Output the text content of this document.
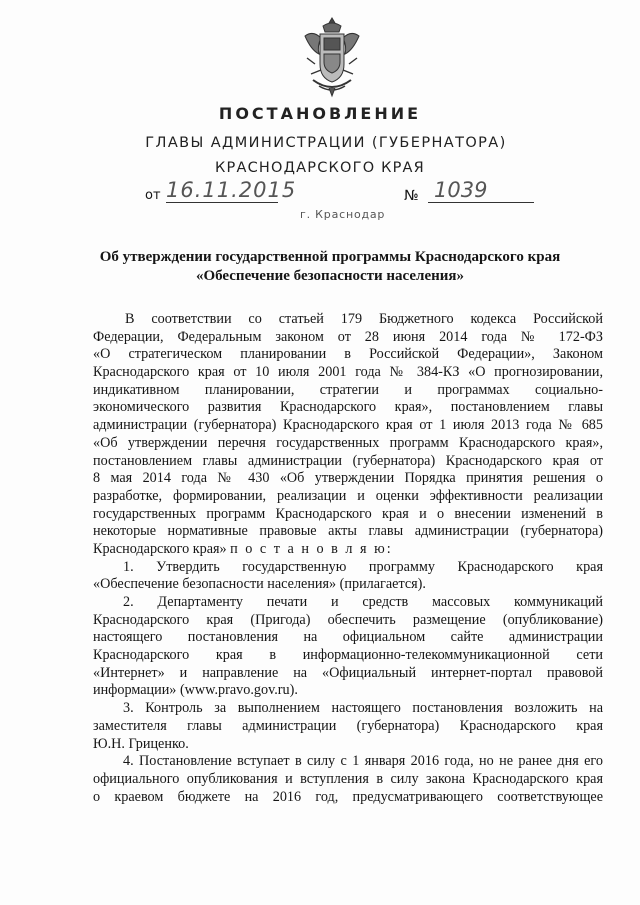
ПОСТАНОВЛЕНИЕ
ГЛАВЫ АДМИНИСТРАЦИИ (ГУБЕРНАТОРА)
КРАСНОДАРСКОГО КРАЯ
от 16.11.2015	№ 1039
г. Краснодар
Об утверждении государственной программы Краснодарского края
«Обеспечение безопасности населения»
В соответствии со статьей 179 Бюджетного кодекса Российской
Федерации, Федеральным законом от 28 июня 2014 года № 172-ФЗ
«О стратегическом планировании в Российской Федерации», Законом
Краснодарского края от 10 июля 2001 года № 384-КЗ «О прогнозировании,
индикативном планировании, стратегии и программах социально-
экономического развития Краснодарского края», постановлением главы
администрации (губернатора) Краснодарского края от 1 июля 2013 года № 685
«Об утверждении перечня государственных программ Краснодарского края»,
постановлением главы администрации (губернатора) Краснодарского края от
8 мая 2014 года № 430 «Об утверждении Порядка принятия решения о
разработке, формировании, реализации и оценки эффективности реализации
государственных программ Краснодарского края и о внесении изменений в
некоторые нормативные правовые акты главы администрации (губернатора)
Краснодарского края» п о с т а н о в л я ю:
1. Утвердить государственную программу Краснодарского края
«Обеспечение безопасности населения» (прилагается).
2. Департаменту печати и средств массовых коммуникаций
Краснодарского края (Пригода) обеспечить размещение (опубликование)
настоящего постановления на официальном сайте администрации
Краснодарского края в информационно-телекоммуникационной сети
«Интернет» и направление на «Официальный интернет-портал правовой
информации» (www.pravo.gov.ru).
3. Контроль за выполнением настоящего постановления возложить на
заместителя главы администрации (губернатора) Краснодарского края
Ю.Н. Гриценко.
4. Постановление вступает в силу с 1 января 2016 года, но не ранее дня его
официального опубликования и вступления в силу закона Краснодарского края
о краевом бюджете на 2016 год, предусматривающего соответствующее
